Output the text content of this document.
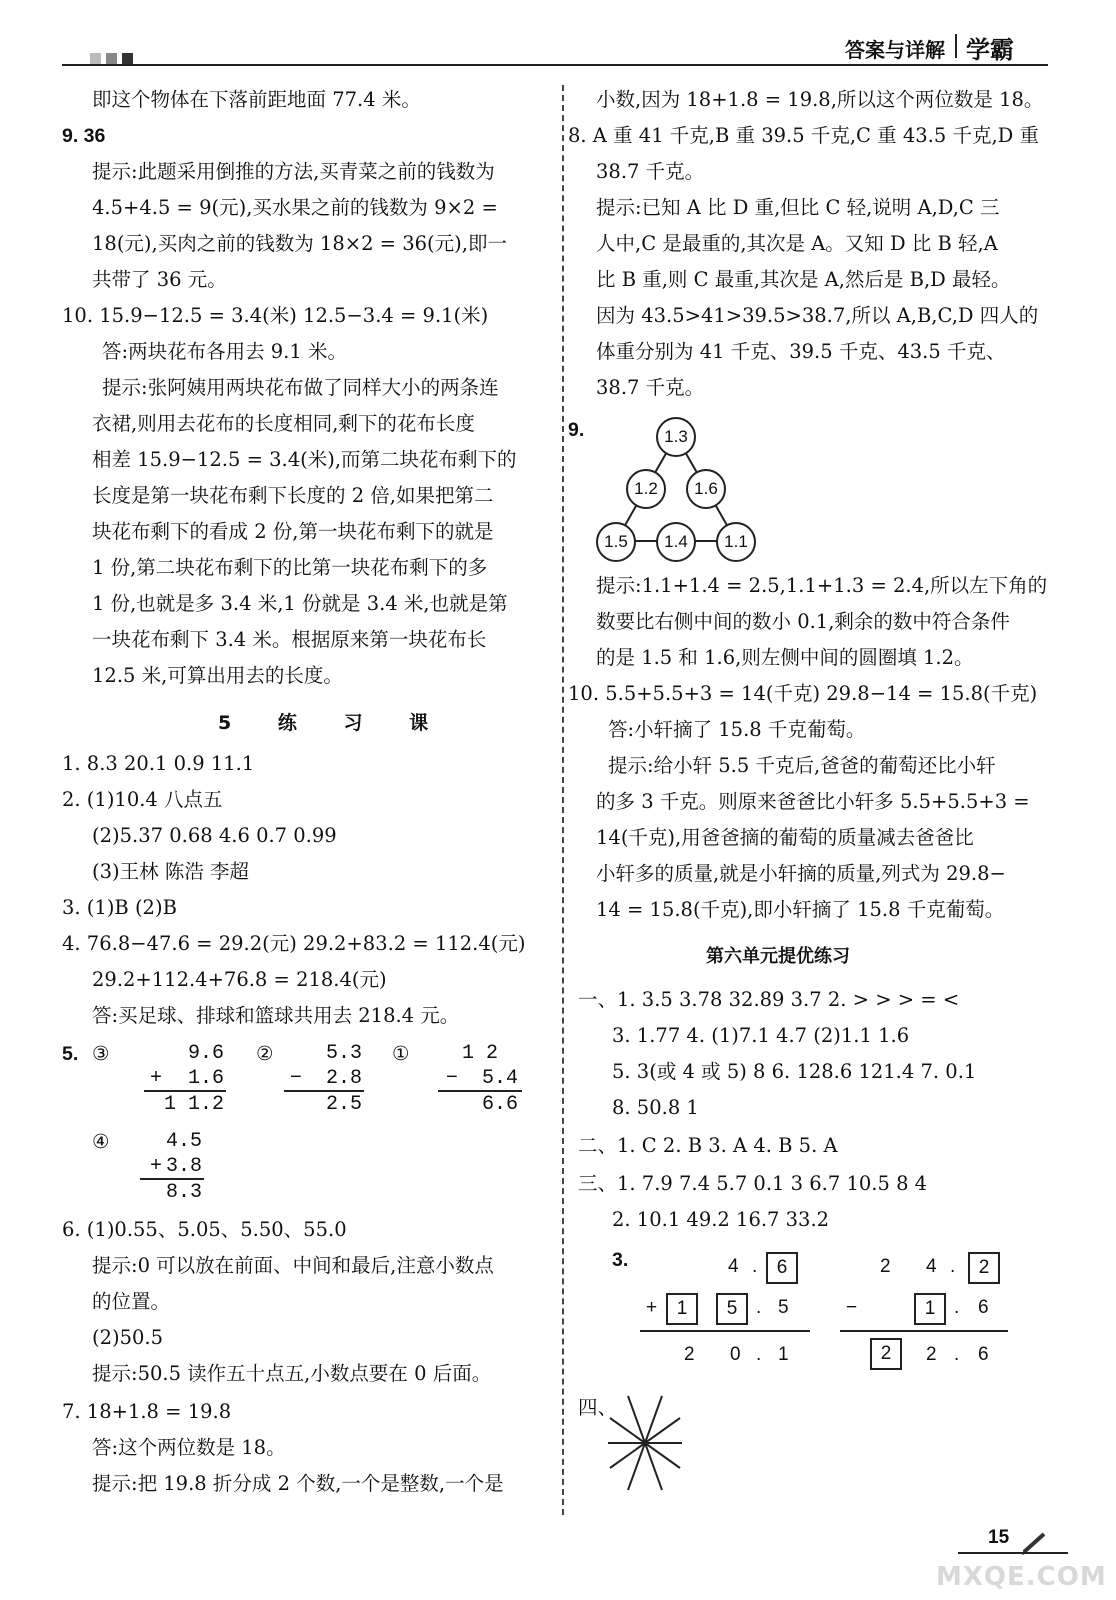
答案与详解 学霸
即这个物体在下落前距地面 77.4 米。
9. 36
提示:此题采用倒推的方法,买青菜之前的钱数为
4.5+4.5 = 9(元),买水果之前的钱数为 9×2 =
18(元),买肉之前的钱数为 18×2 = 36(元),即一
共带了 36 元。
10. 15.9−12.5 = 3.4(米) 12.5−3.4 = 9.1(米)
答:两块花布各用去 9.1 米。
提示:张阿姨用两块花布做了同样大小的两条连
衣裙,则用去花布的长度相同,剩下的花布长度
相差 15.9−12.5 = 3.4(米),而第二块花布剩下的
长度是第一块花布剩下长度的 2 倍,如果把第二
块花布剩下的看成 2 份,第一块花布剩下的就是
1 份,第二块花布剩下的比第一块花布剩下的多
1 份,也就是多 3.4 米,1 份就是 3.4 米,也就是第
一块花布剩下 3.4 米。根据原来第一块花布长
12.5 米,可算出用去的长度。
5 练 习 课
1. 8.3 20.1 0.9 11.1
2. (1)10.4 八点五
(2)5.37 0.68 4.6 0.7 0.99
(3)王林 陈浩 李超
3. (1)B (2)B
4. 76.8−47.6 = 29.2(元) 29.2+83.2 = 112.4(元)
29.2+112.4+76.8 = 218.4(元)
答:买足球、排球和篮球共用去 218.4 元。
5. ③	9.6
+	1.6
1 1.2
②	5.3
−	2.8
2.5
①	1 2
−	5.4
6.6
④	4.5
+ 3.8
8.3
6. (1)0.55、5.05、5.50、55.0
提示:0 可以放在前面、中间和最后,注意小数点
的位置。
(2)50.5
提示:50.5 读作五十点五,小数点要在 0 后面。
7. 18+1.8 = 19.8
答:这个两位数是 18。
提示:把 19.8 折分成 2 个数,一个是整数,一个是
小数,因为 18+1.8 = 19.8,所以这个两位数是 18。
8. A 重 41 千克,B 重 39.5 千克,C 重 43.5 千克,D 重
38.7 千克。
提示:已知 A 比 D 重,但比 C 轻,说明 A,D,C 三
人中,C 是最重的,其次是 A。又知 D 比 B 轻,A
比 B 重,则 C 最重,其次是 A,然后是 B,D 最轻。
因为 43.5>41>39.5>38.7,所以 A,B,C,D 四人的
体重分别为 41 千克、39.5 千克、43.5 千克、
38.7 千克。
9.	1.3
1.2	1.6
1.5	1.4	1.1
提示:1.1+1.4 = 2.5,1.1+1.3 = 2.4,所以左下角的
数要比右侧中间的数小 0.1,剩余的数中符合条件
的是 1.5 和 1.6,则左侧中间的圆圈填 1.2。
10. 5.5+5.5+3 = 14(千克) 29.8−14 = 15.8(千克)
答:小轩摘了 15.8 千克葡萄。
提示:给小轩 5.5 千克后,爸爸的葡萄还比小轩
的多 3 千克。则原来爸爸比小轩多 5.5+5.5+3 =
14(千克),用爸爸摘的葡萄的质量减去爸爸比
小轩多的质量,就是小轩摘的质量,列式为 29.8−
14 = 15.8(千克),即小轩摘了 15.8 千克葡萄。
第六单元提优练习
一、1. 3.5 3.78 32.89 3.7 2. > > > = <
3. 1.77 4. (1)7.1 4.7 (2)1.1 1.6
5. 3(或 4 或 5) 8 6. 128.6 121.4 7. 0.1
8. 50.8 1
二、1. C 2. B 3. A 4. B 5. A
三、1. 7.9 7.4 5.7 0.1 3 6.7 10.5 8 4
2. 10.1 49.2 16.7 33.2
3.	4 .	6
+	1	5 . 5
2 0 . 1
2 4 .	2
−	1 . 6
2	2 . 6
四、
15
MXQE.COM
